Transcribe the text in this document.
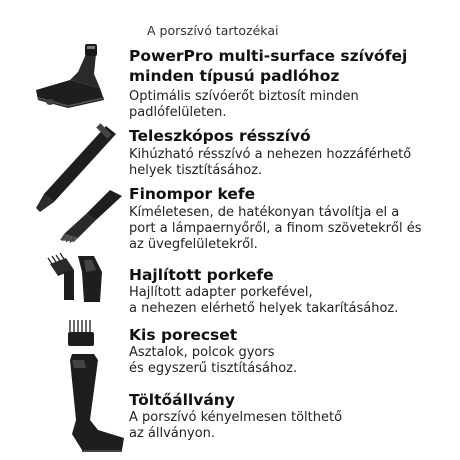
A porszívó tartozékai
PowerPro multi-surface szívófej
minden típusú padlóhoz
Optimális szívóerőt biztosít minden
padlófelületen.
Teleszkópos résszívó
Kihúzható résszívó a nehezen hozzáférhető
helyek tisztításához.
Finompor kefe
Kíméletesen, de hatékonyan távolítja el a
port a lámpaernyőről, a finom szövetekről és
az üvegfelületekről.
Hajlított porkefe
Hajlított adapter porkefével,
a nehezen elérhető helyek takarításához.
Kis porecset
Asztalok, polcok gyors
és egyszerű tisztításához.
Töltőállvány
A porszívó kényelmesen tölthető
az állványon.
